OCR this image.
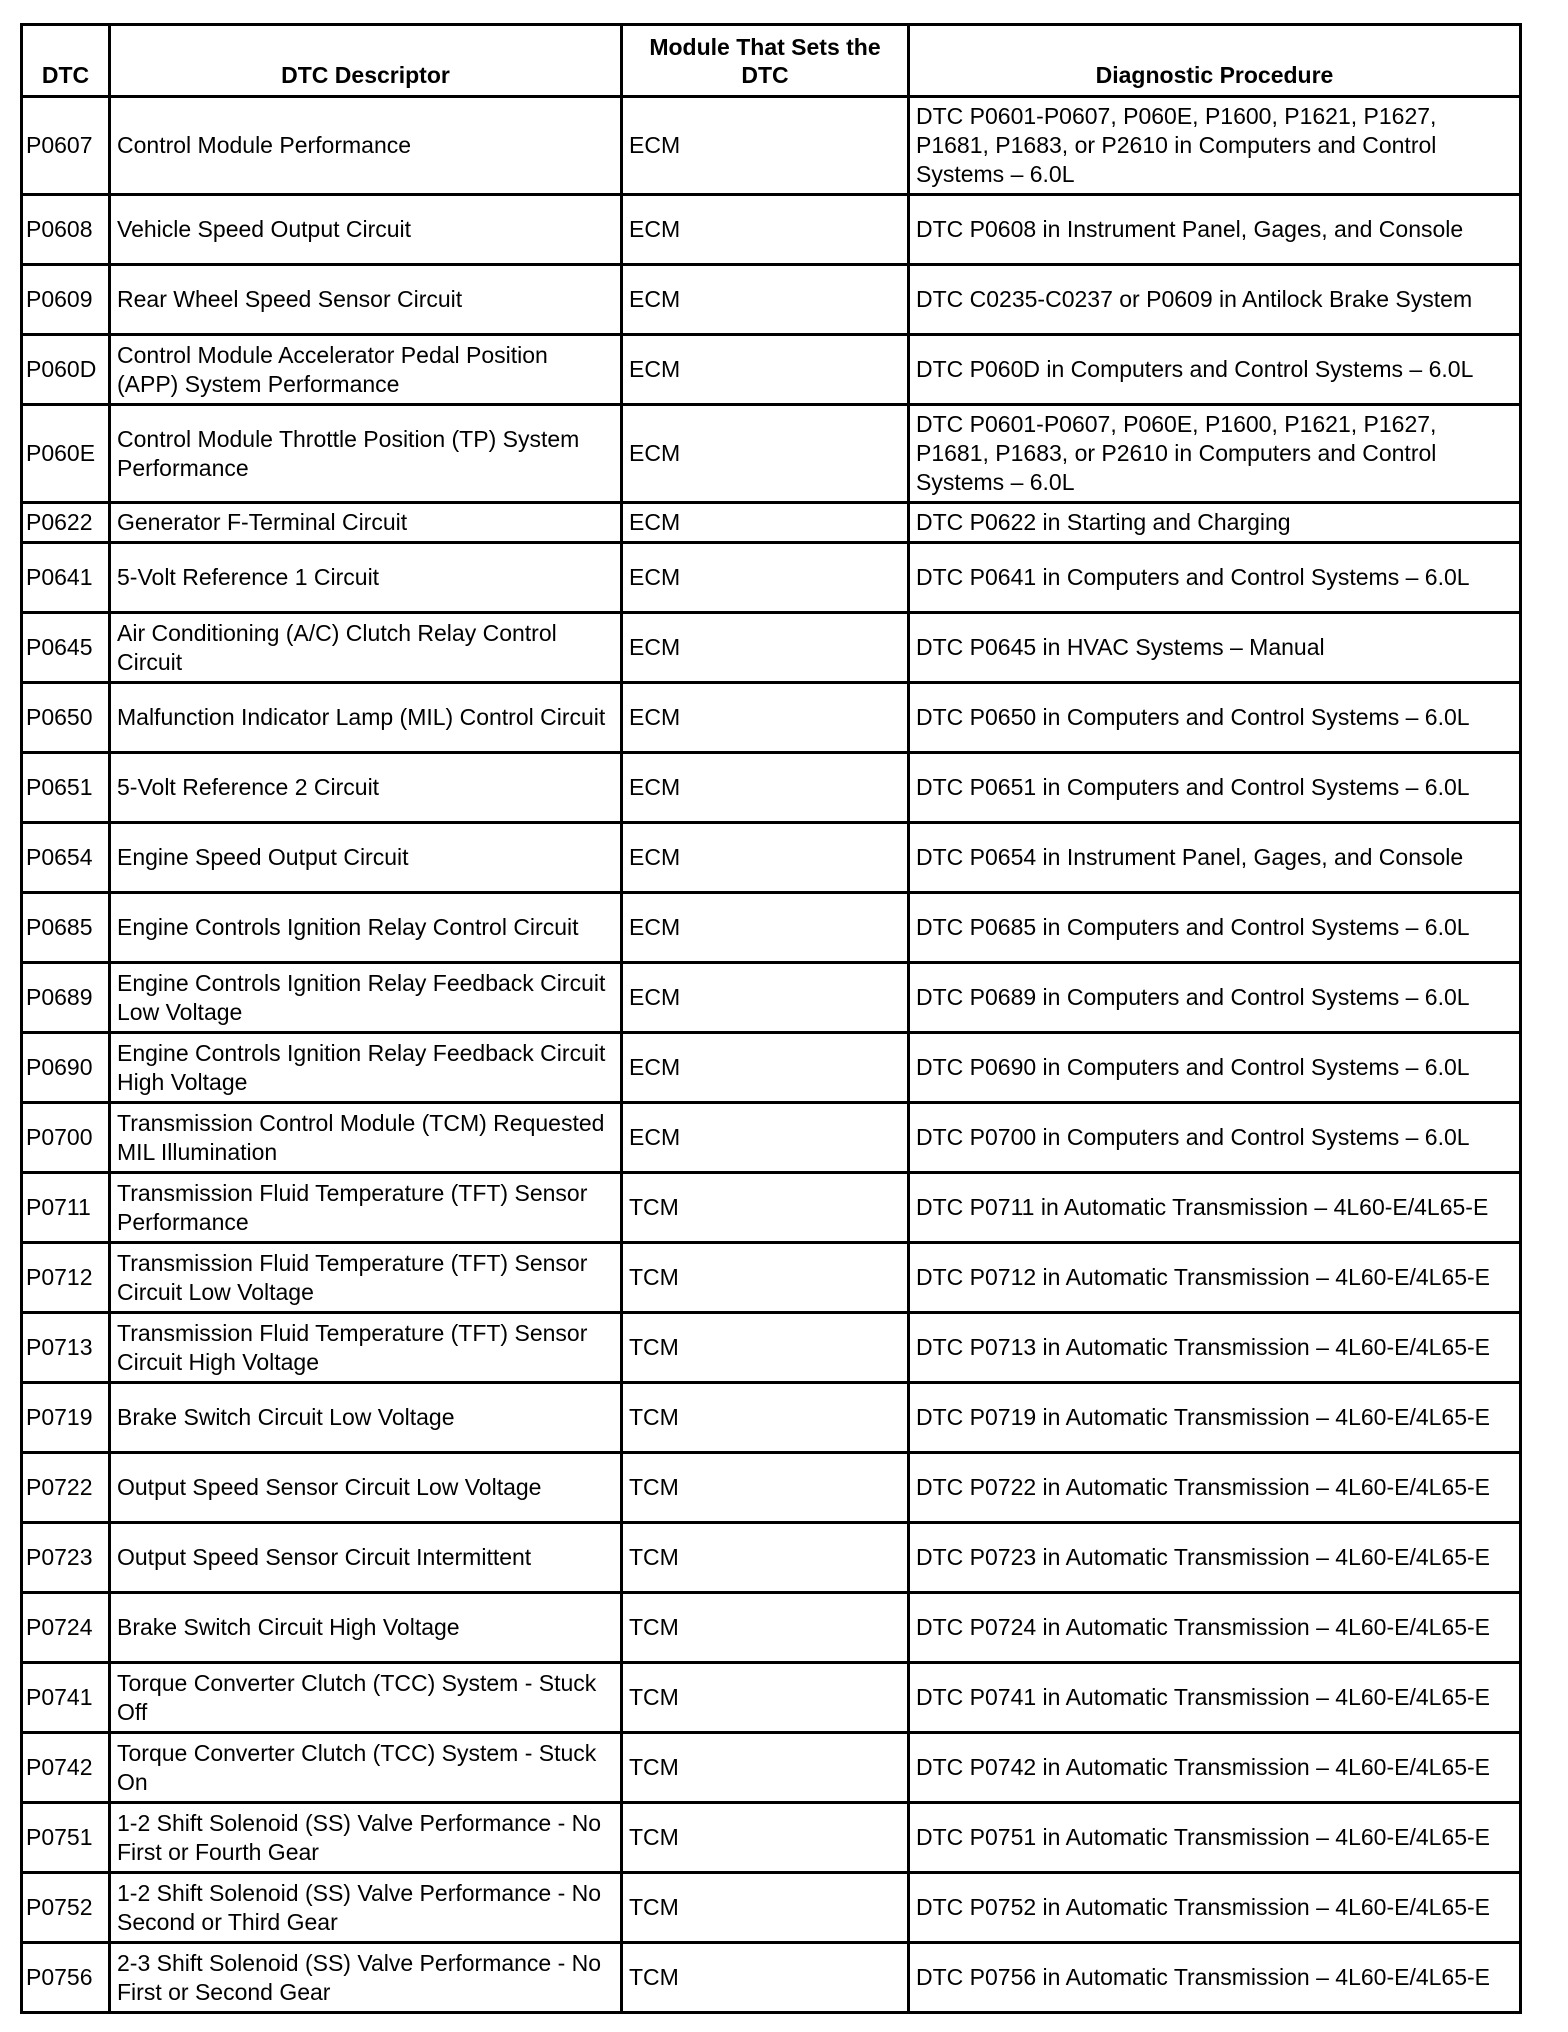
DTC	DTC Descriptor	Module That Sets the DTC	Diagnostic Procedure
P0607	Control Module Performance	ECM	DTC P0601-P0607, P060E, P1600, P1621, P1627, P1681, P1683, or P2610 in Computers and Control Systems – 6.0L
P0608	Vehicle Speed Output Circuit	ECM	DTC P0608 in Instrument Panel, Gages, and Console
P0609	Rear Wheel Speed Sensor Circuit	ECM	DTC C0235-C0237 or P0609 in Antilock Brake System
P060D	Control Module Accelerator Pedal Position (APP) System Performance	ECM	DTC P060D in Computers and Control Systems – 6.0L
P060E	Control Module Throttle Position (TP) System Performance	ECM	DTC P0601-P0607, P060E, P1600, P1621, P1627, P1681, P1683, or P2610 in Computers and Control Systems – 6.0L
P0622	Generator F-Terminal Circuit	ECM	DTC P0622 in Starting and Charging
P0641	5-Volt Reference 1 Circuit	ECM	DTC P0641 in Computers and Control Systems – 6.0L
P0645	Air Conditioning (A/C) Clutch Relay Control Circuit	ECM	DTC P0645 in HVAC Systems – Manual
P0650	Malfunction Indicator Lamp (MIL) Control Circuit	ECM	DTC P0650 in Computers and Control Systems – 6.0L
P0651	5-Volt Reference 2 Circuit	ECM	DTC P0651 in Computers and Control Systems – 6.0L
P0654	Engine Speed Output Circuit	ECM	DTC P0654 in Instrument Panel, Gages, and Console
P0685	Engine Controls Ignition Relay Control Circuit	ECM	DTC P0685 in Computers and Control Systems – 6.0L
P0689	Engine Controls Ignition Relay Feedback Circuit Low Voltage	ECM	DTC P0689 in Computers and Control Systems – 6.0L
P0690	Engine Controls Ignition Relay Feedback Circuit High Voltage	ECM	DTC P0690 in Computers and Control Systems – 6.0L
P0700	Transmission Control Module (TCM) Requested MIL Illumination	ECM	DTC P0700 in Computers and Control Systems – 6.0L
P0711	Transmission Fluid Temperature (TFT) Sensor Performance	TCM	DTC P0711 in Automatic Transmission – 4L60-E/4L65-E
P0712	Transmission Fluid Temperature (TFT) Sensor Circuit Low Voltage	TCM	DTC P0712 in Automatic Transmission – 4L60-E/4L65-E
P0713	Transmission Fluid Temperature (TFT) Sensor Circuit High Voltage	TCM	DTC P0713 in Automatic Transmission – 4L60-E/4L65-E
P0719	Brake Switch Circuit Low Voltage	TCM	DTC P0719 in Automatic Transmission – 4L60-E/4L65-E
P0722	Output Speed Sensor Circuit Low Voltage	TCM	DTC P0722 in Automatic Transmission – 4L60-E/4L65-E
P0723	Output Speed Sensor Circuit Intermittent	TCM	DTC P0723 in Automatic Transmission – 4L60-E/4L65-E
P0724	Brake Switch Circuit High Voltage	TCM	DTC P0724 in Automatic Transmission – 4L60-E/4L65-E
P0741	Torque Converter Clutch (TCC) System - Stuck Off	TCM	DTC P0741 in Automatic Transmission – 4L60-E/4L65-E
P0742	Torque Converter Clutch (TCC) System - Stuck On	TCM	DTC P0742 in Automatic Transmission – 4L60-E/4L65-E
P0751	1-2 Shift Solenoid (SS) Valve Performance - No First or Fourth Gear	TCM	DTC P0751 in Automatic Transmission – 4L60-E/4L65-E
P0752	1-2 Shift Solenoid (SS) Valve Performance - No Second or Third Gear	TCM	DTC P0752 in Automatic Transmission – 4L60-E/4L65-E
P0756	2-3 Shift Solenoid (SS) Valve Performance - No First or Second Gear	TCM	DTC P0756 in Automatic Transmission – 4L60-E/4L65-E
